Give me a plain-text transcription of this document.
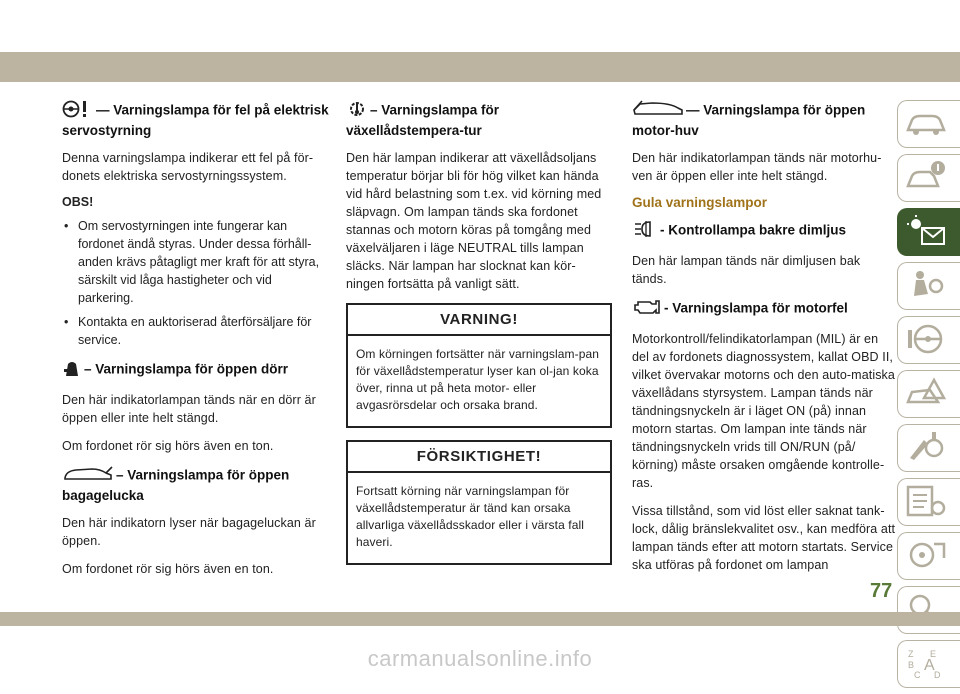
— Varningslampa för fel på elektrisk servostyrning

Denna varningslampa indikerar ett fel på för-donets elektriska servostyrningssystem.

OBS!
• Om servostyrningen inte fungerar kan fordonet ändå styras. Under dessa förhåll-anden krävs påtagligt mer kraft för att styra, särskilt vid låga hastigheter och vid parkering.
• Kontakta en auktoriserad återförsäljare för service.
– Varningslampa för öppen dörr

Den här indikatorlampan tänds när en dörr är öppen eller inte helt stängd.

Om fordonet rör sig hörs även en ton.

– Varningslampa för öppen bagagelucka

Den här indikatorn lyser när bagageluckan är öppen.

Om fordonet rör sig hörs även en ton.

– Varningslampa för växellådstempera-tur

Den här lampan indikerar att växellådsoljans temperatur börjar bli för hög vilket kan hända vid hård belastning som t.ex. vid körning med släpvagn. Om lampan tänds ska fordonet stannas och motorn köras på tomgång med växelväljaren i läge NEUTRAL tills lampan släcks. När lampan har slocknat kan kör-ningen fortsätta på vanligt sätt.

VARNING!

Om körningen fortsätter när varningslam-pan för växellådstemperatur lyser kan ol-jan koka över, rinna ut på heta motor- eller avgasrörsdelar och orsaka brand.

FÖRSIKTIGHET!

Fortsatt körning när varningslampan för växellådstemperatur är tänd kan orsaka allvarliga växellådsskador eller i värsta fall haveri.

— Varningslampa för öppen motor-huv

Den här indikatorlampan tänds när motorhu-ven är öppen eller inte helt stängd.

Gula varningslampor
- Kontrollampa bakre dimljus

Den här lampan tänds när dimljusen bak tänds.

- Varningslampa för motorfel

Motorkontroll/felindikatorlampan (MIL) är en del av fordonets diagnossystem, kallat OBD II, vilket övervakar motorns och den auto-matiska växellådans styrsystem. Lampan tänds när tändningsnyckeln är i läget ON (på) innan motorn startas. Om lampan inte tänds när tändningsnyckeln vrids till ON/RUN (på/ körning) måste orsaken omgående kontrolle-ras.

Vissa tillstånd, som vid löst eller saknat tank-lock, dålig bränslekvalitet osv., kan medföra att lampan tänds efter att motorn startats. Service ska utföras på fordonet om lampan

Z E
B A
C D
77
carmanualsonline.info
